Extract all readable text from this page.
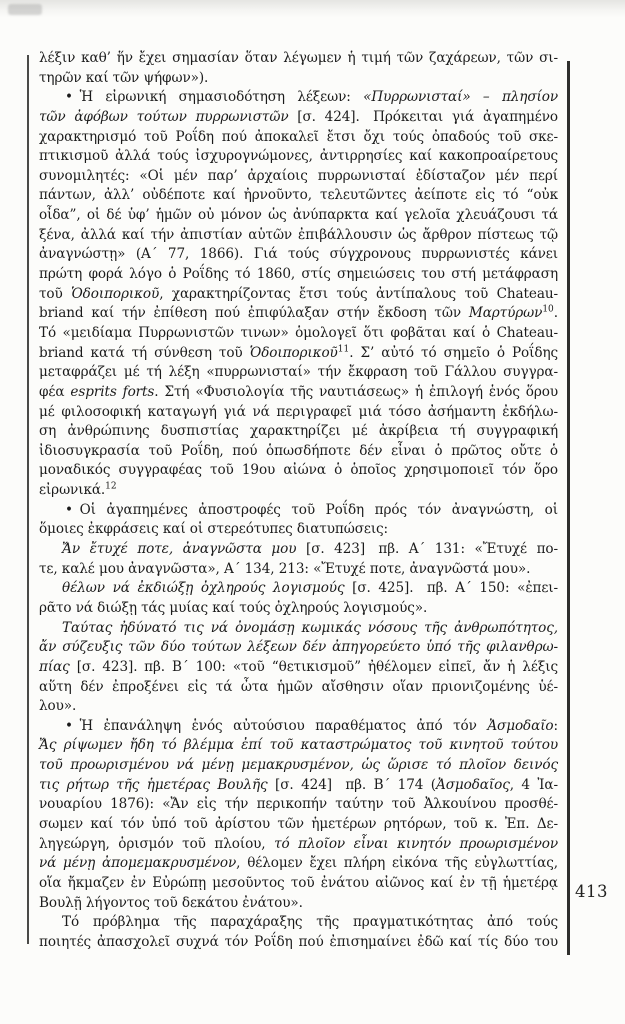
λέξιν καθ’ ἥν ἔχει σημασίαν ὅταν λέγωμεν ἡ τιμή τῶν ζαχάρεων, τῶν σι-
τηρῶν καί τῶν ψήφων»).
• Ἡ εἰρωνική σημασιοδότηση λέξεων: «Πυρρωνισταί» – πλησίον
τῶν ἀφόβων τούτων πυρρωνιστῶν [σ. 424].  Πρόκειται γιά ἀγαπημένο
χαρακτηρισμό τοῦ Ροΐδη πού ἀποκαλεῖ ἔτσι ὄχι τούς ὀπαδούς τοῦ σκε-
πτικισμοῦ ἀλλά τούς ἰσχυρογνώμονες, ἀντιρρησίες καί κακοπροαίρετους
συνομιλητές: «Οἱ μέν παρ’ ἀρχαίοις πυρρωνισταί ἐδίσταζον μέν περί
πάντων, ἀλλ’ οὐδέποτε καί ἠρνοῦντο, τελευτῶντες ἀείποτε εἰς τό “οὐκ
οἶδα”, οἱ δέ ὑφ’ ἡμῶν οὐ μόνον ὡς ἀνύπαρκτα καί γελοῖα χλευάζουσι τά
ξένα, ἀλλά καί τήν ἀπιστίαν αὑτῶν ἐπιβάλλουσιν ὡς ἄρθρον πίστεως τῷ
ἀναγνώστῃ» (Α´ 77, 1866). Γιά τούς σύγχρονους πυρρωνιστές κάνει
πρώτη φορά λόγο ὁ Ροΐδης τό 1860, στίς σημειώσεις του στή μετάφραση
τοῦ Ὁδοιπορικοῦ, χαρακτηρίζοντας ἔτσι τούς ἀντίπαλους τοῦ Chateau-
briand καί τήν ἐπίθεση πού ἐπιφύλαξαν στήν ἔκδοση τῶν Μαρτύρων$^{10}$.
Τό «μειδίαμα Πυρρωνιστῶν τινων» ὁμολογεῖ ὅτι φοβᾶται καί ὁ Chateau-
briand κατά τή σύνθεση τοῦ Ὁδοιπορικοῦ$^{11}$. Σ’ αὐτό τό σημεῖο ὁ Ροΐδης
μεταφράζει μέ τή λέξη «πυρρωνισταί» τήν ἔκφραση τοῦ Γάλλου συγγρα-
φέα esprits forts. Στή «Φυσιολογία τῆς ναυτιάσεως» ἡ ἐπιλογή ἑνός ὅρου
μέ φιλοσοφική καταγωγή γιά νά περιγραφεῖ μιά τόσο ἀσήμαντη ἐκδήλω-
ση ἀνθρώπινης δυσπιστίας χαρακτηρίζει μέ ἀκρίβεια τή συγγραφική
ἰδιοσυγκρασία τοῦ Ροΐδη, πού ὁπωσδήποτε δέν εἶναι ὁ πρῶτος οὔτε ὁ
μοναδικός συγγραφέας τοῦ 19ου αἰώνα ὁ ὁποῖος χρησιμοποιεῖ τόν ὅρο
εἰρωνικά.$^{12}$
• Οἱ ἀγαπημένες ἀποστροφές τοῦ Ροΐδη πρός τόν ἀναγνώστη, οἱ
ὅμοιες ἐκφράσεις καί οἱ στερεότυπες διατυπώσεις:
Ἄν ἔτυχέ ποτε, ἀναγνῶστα μου [σ. 423]  πβ. Α´ 131: «Ἔτυχέ πο-
τε, καλέ μου ἀναγνῶστα», Α´ 134, 213: «Ἔτυχέ ποτε, ἀναγνῶστά μου».
θέλων νά ἐκδιώξῃ ὀχληρούς λογισμούς [σ. 425].  πβ. Α´ 150: «ἐπει-
ρᾶτο νά διώξῃ τάς μυίας καί τούς ὀχληρούς λογισμούς».
Ταύτας ἠδύνατό τις νά ὀνομάσῃ κωμικάς νόσους τῆς ἀνθρωπότητος,
ἄν σύζευξις τῶν δύο τούτων λέξεων δέν ἀπηγορεύετο ὑπό τῆς φιλανθρω-
πίας [σ. 423]. πβ. Β´ 100: «τοῦ “θετικισμοῦ” ἠθέλομεν εἰπεῖ, ἄν ἡ λέξις
αὕτη δέν ἐπροξένει εἰς τά ὦτα ἡμῶν αἴσθησιν οἵαν πριονιζομένης ὑέ-
λου».
• Ἡ ἐπανάληψη ἑνός αὐτούσιου παραθέματος ἀπό τόν Ἀσμοδαῖο:
Ἄς ρίψωμεν ἤδη τό βλέμμα ἐπί τοῦ καταστρώματος τοῦ κινητοῦ τούτου
τοῦ προωρισμένου νά μένῃ μεμακρυσμένον, ὡς ὥρισε τό πλοῖον δεινός
τις ρήτωρ τῆς ἡμετέρας Βουλῆς [σ. 424]  πβ. Β´ 174 (Ἀσμοδαῖος, 4 Ἰα-
νουαρίου 1876): «Ἄν εἰς τήν περικοπήν ταύτην τοῦ Ἀλκουίνου προσθέ-
σωμεν καί τόν ὑπό τοῦ ἀρίστου τῶν ἡμετέρων ρητόρων, τοῦ κ. Ἐπ. Δε-
ληγεώργη, ὁρισμόν τοῦ πλοίου, τό πλοῖον εἶναι κινητόν προωρισμένον
νά μένῃ ἀπομεμακρυσμένον, θέλομεν ἔχει πλήρη εἰκόνα τῆς εὐγλωττίας,
οἵα ἤκμαζεν ἐν Εὐρώπῃ μεσοῦντος τοῦ ἐνάτου αἰῶνος καί ἐν τῇ ἡμετέρᾳ
Βουλῇ λήγοντος τοῦ δεκάτου ἐνάτου».
Τό πρόβλημα τῆς παραχάραξης τῆς πραγματικότητας ἀπό τούς
ποιητές ἀπασχολεῖ συχνά τόν Ροΐδη πού ἐπισημαίνει ἐδῶ καί τίς δύο του
413
